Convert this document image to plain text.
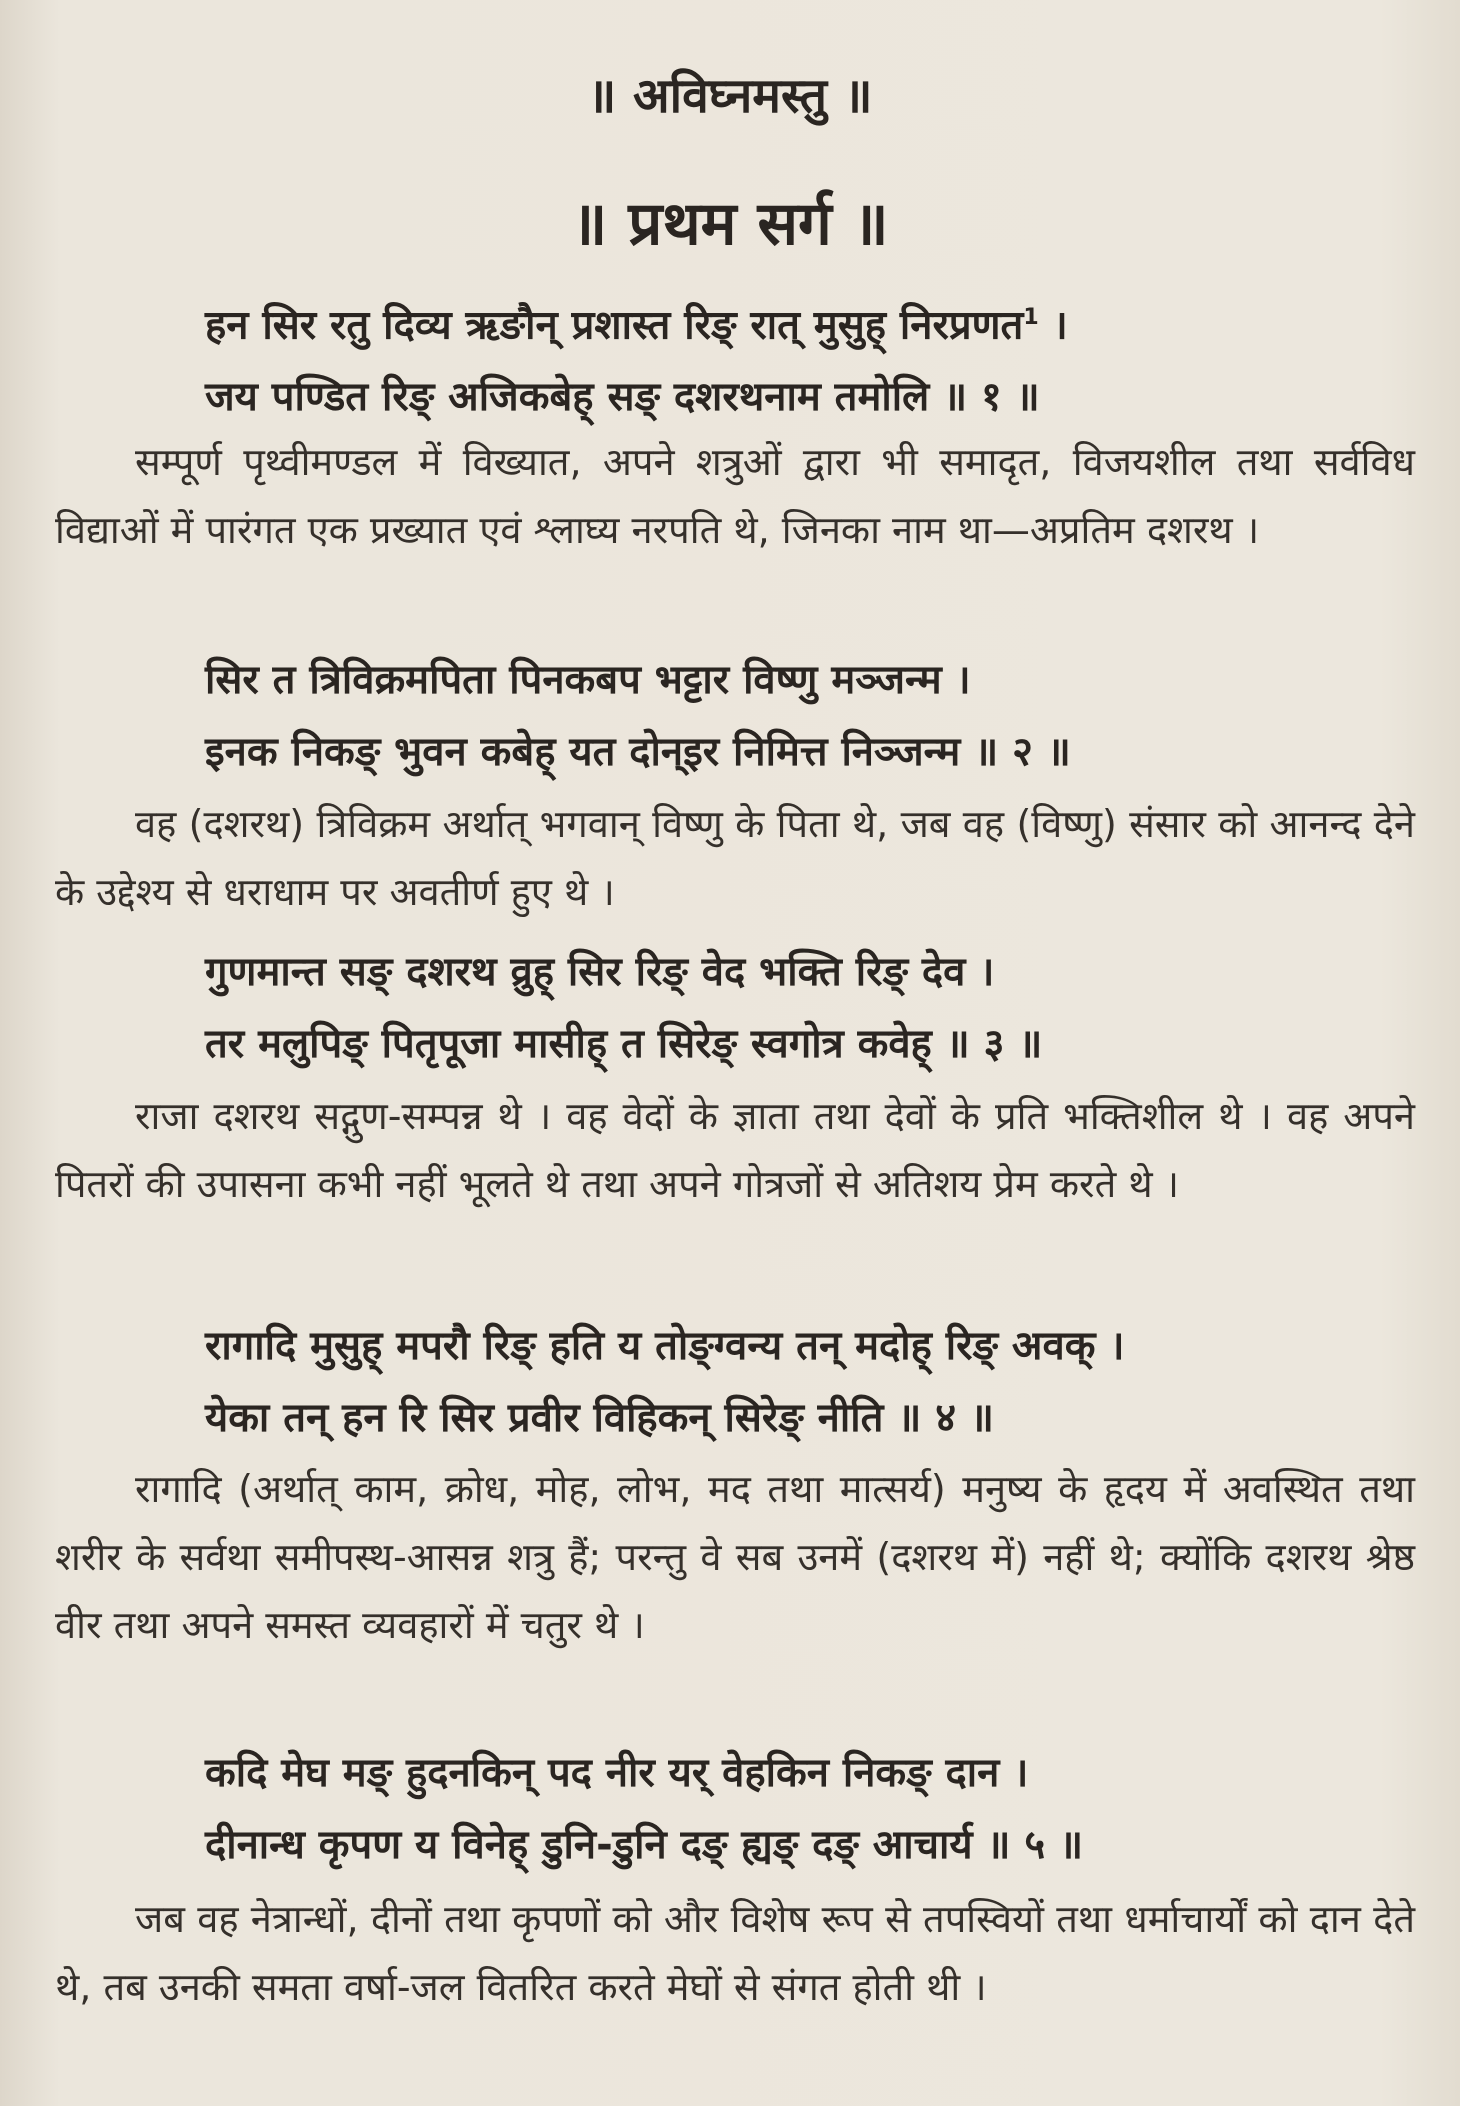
॥ अविघ्नमस्तु ॥
॥ प्रथम सर्ग ॥
हन सिर रतु दिव्य ऋङौन् प्रशास्त रिङ् रात् मुसुह् निरप्रणत$^1$ ।
जय पण्डित रिङ् अजिकबेह् सङ् दशरथनाम तमोलि ॥ १ ॥
सम्पूर्ण पृथ्वीमण्डल में विख्यात, अपने शत्रुओं द्वारा भी समादृत, विजयशील तथा सर्वविध विद्याओं में पारंगत एक प्रख्यात एवं श्लाघ्य नरपति थे, जिनका नाम था—अप्रतिम दशरथ ।
सिर त त्रिविक्रमपिता पिनकबप भट्टार विष्णु मञ्जन्म ।
इनक निकङ् भुवन कबेह् यत दोन्इर निमित्त निञ्जन्म ॥ २ ॥
वह (दशरथ) त्रिविक्रम अर्थात् भगवान् विष्णु के पिता थे, जब वह (विष्णु) संसार को आनन्द देने के उद्देश्य से धराधाम पर अवतीर्ण हुए थे ।
गुणमान्त सङ् दशरथ व्रुह् सिर रिङ् वेद भक्ति रिङ् देव ।
तर मलुपिङ् पितृपूजा मासीह् त सिरेङ् स्वगोत्र कवेह् ॥ ३ ॥
राजा दशरथ सद्गुण-सम्पन्न थे । वह वेदों के ज्ञाता तथा देवों के प्रति भक्तिशील थे । वह अपने पितरों की उपासना कभी नहीं भूलते थे तथा अपने गोत्रजों से अतिशय प्रेम करते थे ।
रागादि मुसुह् मपरौ रिङ् हति य तोङ्ग्वन्य तन् मदोह् रिङ् अवक् ।
येका तन् हन रि सिर प्रवीर विहिकन् सिरेङ् नीति ॥ ४ ॥
रागादि (अर्थात् काम, क्रोध, मोह, लोभ, मद तथा मात्सर्य) मनुष्य के हृदय में अवस्थित तथा शरीर के सर्वथा समीपस्थ-आसन्न शत्रु हैं; परन्तु वे सब उनमें (दशरथ में) नहीं थे; क्योंकि दशरथ श्रेष्ठ वीर तथा अपने समस्त व्यवहारों में चतुर थे ।
कदि मेघ मङ् हुदनकिन् पद नीर यर् वेहकिन निकङ् दान ।
दीनान्ध कृपण य विनेह् डुनि-डुनि दङ् ह्यङ् दङ् आचार्य ॥ ५ ॥
जब वह नेत्रान्धों, दीनों तथा कृपणों को और विशेष रूप से तपस्वियों तथा धर्माचार्यों को दान देते थे, तब उनकी समता वर्षा-जल वितरित करते मेघों से संगत होती थी ।
